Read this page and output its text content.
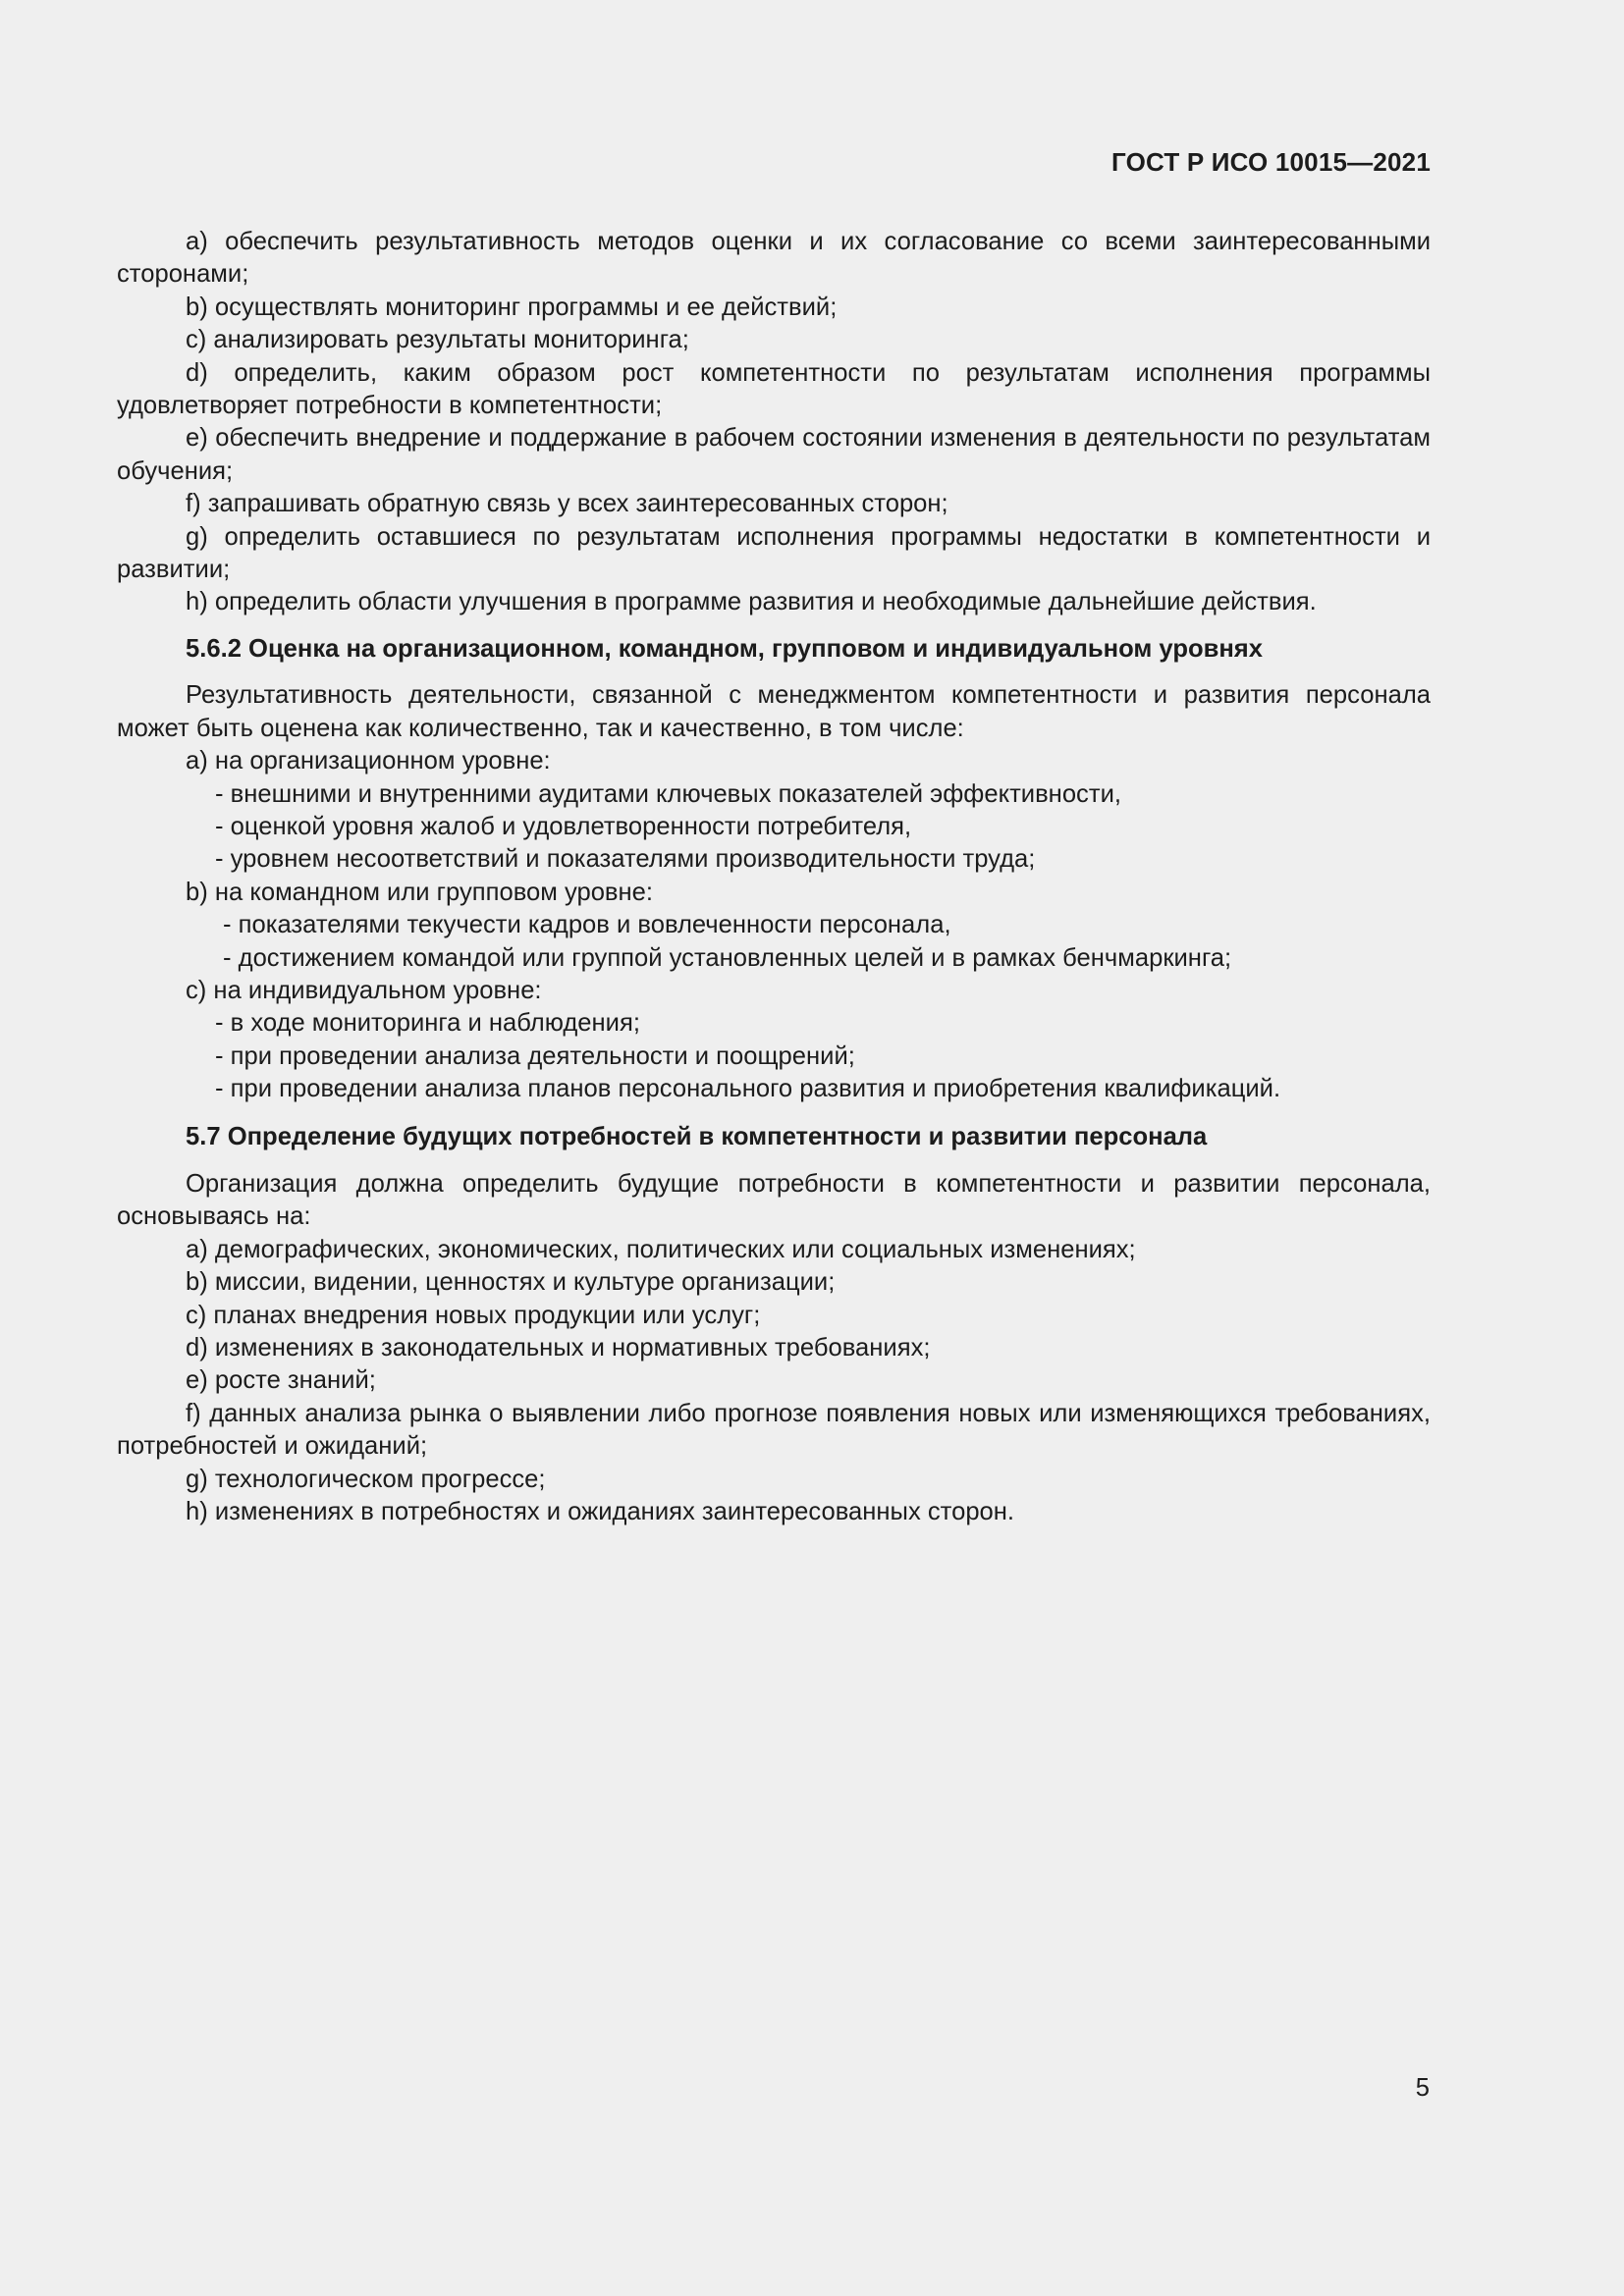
ГОСТ Р ИСО 10015—2021

a) обеспечить результативность методов оценки и их согласование со всеми заинтересованными сторонами;

b) осуществлять мониторинг программы и ее действий;

c) анализировать результаты мониторинга;

d) определить, каким образом рост компетентности по результатам исполнения программы удовлетворяет потребности в компетентности;

e) обеспечить внедрение и поддержание в рабочем состоянии изменения в деятельности по результатам обучения;

f) запрашивать обратную связь у всех заинтересованных сторон;

g) определить оставшиеся по результатам исполнения программы недостатки в компетентности и развитии;

h) определить области улучшения в программе развития и необходимые дальнейшие действия.

5.6.2 Оценка на организационном, командном, групповом и индивидуальном уровнях

Результативность деятельности, связанной с менеджментом компетентности и развития персонала может быть оценена как количественно, так и качественно, в том числе:

a) на организационном уровне:

- внешними и внутренними аудитами ключевых показателей эффективности,

- оценкой уровня жалоб и удовлетворенности потребителя,

- уровнем несоответствий и показателями производительности труда;

b) на командном или групповом уровне:

- показателями текучести кадров и вовлеченности персонала,

- достижением командой или группой установленных целей и в рамках бенчмаркинга;

c) на индивидуальном уровне:

- в ходе мониторинга и наблюдения;

- при проведении анализа деятельности и поощрений;

- при проведении анализа планов персонального развития и приобретения квалификаций.

5.7 Определение будущих потребностей в компетентности и развитии персонала

Организация должна определить будущие потребности в компетентности и развитии персонала, основываясь на:

a) демографических, экономических, политических или социальных изменениях;

b) миссии, видении, ценностях и культуре организации;

c) планах внедрения новых продукции или услуг;

d) изменениях в законодательных и нормативных требованиях;

e) росте знаний;

f) данных анализа рынка о выявлении либо прогнозе появления новых или изменяющихся требованиях, потребностей и ожиданий;

g) технологическом прогрессе;

h) изменениях в потребностях и ожиданиях заинтересованных сторон.

5
